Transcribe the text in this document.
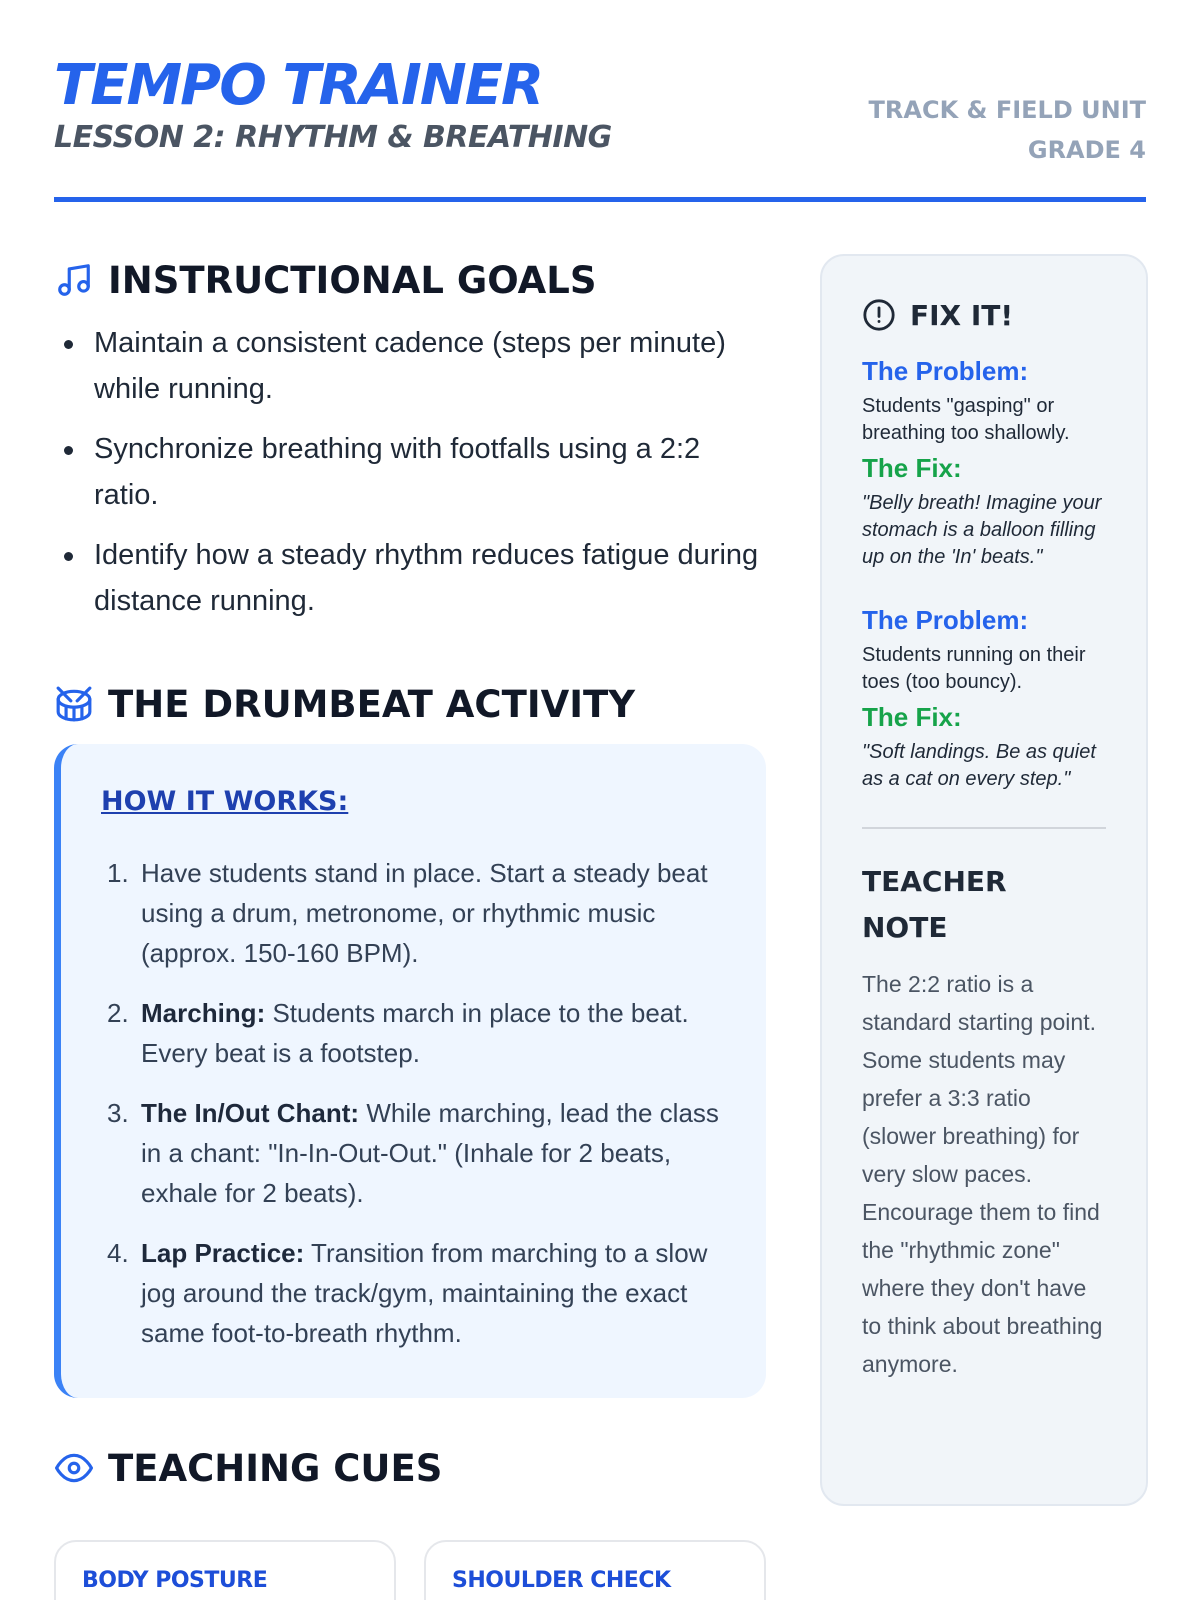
TEMPO TRAINER
LESSON 2: RHYTHM & BREATHING
TRACK & FIELD UNIT
GRADE 4
INSTRUCTIONAL GOALS
Maintain a consistent cadence (steps per minute) while running.
Synchronize breathing with footfalls using a 2:2 ratio.
Identify how a steady rhythm reduces fatigue during distance running.
THE DRUMBEAT ACTIVITY
HOW IT WORKS:
1. Have students stand in place. Start a steady beat using a drum, metronome, or rhythmic music (approx. 150-160 BPM).
2. Marching: Students march in place to the beat. Every beat is a footstep.
3. The In/Out Chant: While marching, lead the class in a chant: "In-In-Out-Out." (Inhale for 2 beats, exhale for 2 beats).
4. Lap Practice: Transition from marching to a slow jog around the track/gym, maintaining the exact same foot-to-breath rhythm.
TEACHING CUES
BODY POSTURE	SHOULDER CHECK
FIX IT!
The Problem:
Students "gasping" or breathing too shallowly.
The Fix:
"Belly breath! Imagine your stomach is a balloon filling up on the 'In' beats."
The Problem:
Students running on their toes (too bouncy).
The Fix:
"Soft landings. Be as quiet as a cat on every step."
TEACHER NOTE
The 2:2 ratio is a standard starting point. Some students may prefer a 3:3 ratio (slower breathing) for very slow paces. Encourage them to find the "rhythmic zone" where they don't have to think about breathing anymore.
